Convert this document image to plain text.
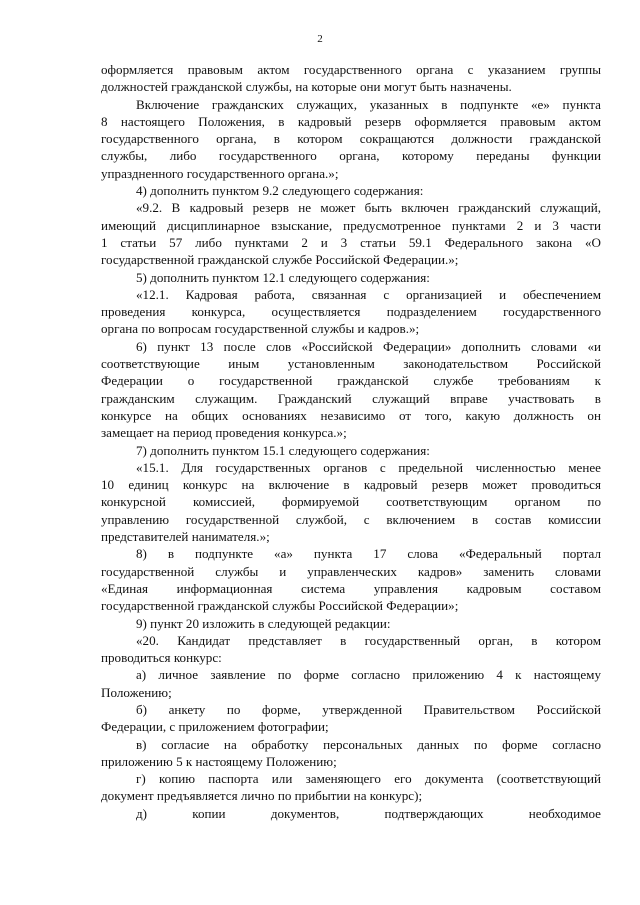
2
оформляется правовым актом государственного органа с указанием группы
должностей гражданской службы, на которые они могут быть назначены.
Включение гражданских служащих, указанных в подпункте «е» пункта
8 настоящего Положения, в кадровый резерв оформляется правовым актом
государственного органа, в котором сокращаются должности гражданской
службы, либо государственного органа, которому переданы функции
упраздненного государственного органа.»;
4) дополнить пунктом 9.2 следующего содержания:
«9.2. В кадровый резерв не может быть включен гражданский служащий,
имеющий дисциплинарное взыскание, предусмотренное пунктами 2 и 3 части
1 статьи 57 либо пунктами 2 и 3 статьи 59.1 Федерального закона «О
государственной гражданской службе Российской Федерации.»;
5) дополнить пунктом 12.1 следующего содержания:
«12.1. Кадровая работа, связанная с организацией и обеспечением
проведения конкурса, осуществляется подразделением государственного
органа по вопросам государственной службы и кадров.»;
6) пункт 13 после слов «Российской Федерации» дополнить словами «и
соответствующие иным установленным законодательством Российской
Федерации о государственной гражданской службе требованиям к
гражданским служащим. Гражданский служащий вправе участвовать в
конкурсе на общих основаниях независимо от того, какую должность он
замещает на период проведения конкурса.»;
7) дополнить пунктом 15.1 следующего содержания:
«15.1. Для государственных органов с предельной численностью менее
10 единиц конкурс на включение в кадровый резерв может проводиться
конкурсной комиссией, формируемой соответствующим органом по
управлению государственной службой, с включением в состав комиссии
представителей нанимателя.»;
8) в подпункте «а» пункта 17 слова «Федеральный портал
государственной службы и управленческих кадров» заменить словами
«Единая информационная система управления кадровым составом
государственной гражданской службы Российской Федерации»;
9) пункт 20 изложить в следующей редакции:
«20. Кандидат представляет в государственный орган, в котором
проводиться конкурс:
а) личное заявление по форме согласно приложению 4 к настоящему
Положению;
б) анкету по форме, утвержденной Правительством Российской
Федерации, с приложением фотографии;
в) согласие на обработку персональных данных по форме согласно
приложению 5 к настоящему Положению;
г) копию паспорта или заменяющего его документа (соответствующий
документ предъявляется лично по прибытии на конкурс);
д) копии документов, подтверждающих необходимое
